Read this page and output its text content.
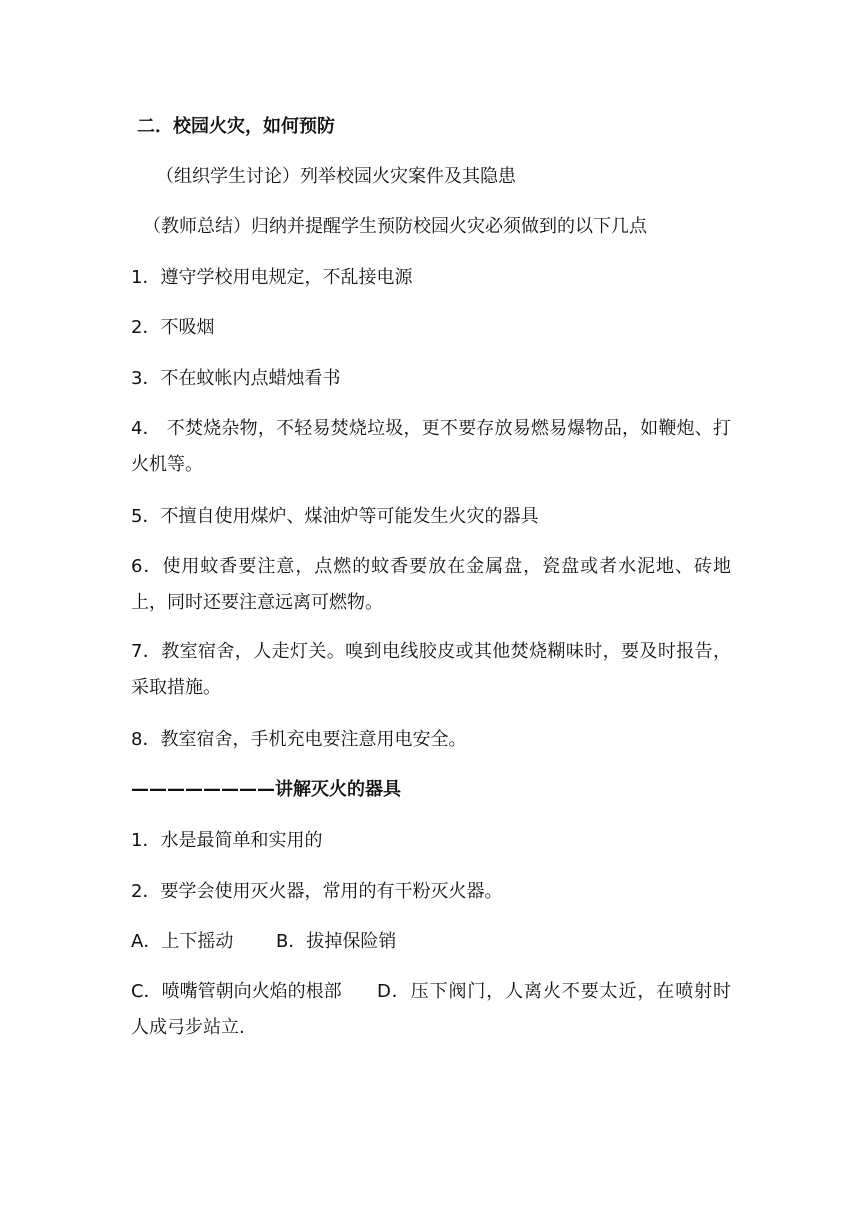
二．校园火灾，如何预防
（组织学生讨论）列举校园火灾案件及其隐患
（教师总结）归纳并提醒学生预防校园火灾必须做到的以下几点
1．遵守学校用电规定，不乱接电源
2．不吸烟
3．不在蚊帐内点蜡烛看书
4． 不焚烧杂物，不轻易焚烧垃圾，更不要存放易燃易爆物品，如鞭炮、打火机等。
5．不擅自使用煤炉、煤油炉等可能发生火灾的器具
6．使用蚊香要注意，点燃的蚊香要放在金属盘，瓷盘或者水泥地、砖地上，同时还要注意远离可燃物。
7．教室宿舍，人走灯关。嗅到电线胶皮或其他焚烧糊味时，要及时报告，采取措施。
8．教室宿舍，手机充电要注意用电安全。
————————讲解灭火的器具
1．水是最简单和实用的
2．要学会使用灭火器，常用的有干粉灭火器。
A．上下摇动 B．拔掉保险销
C．喷嘴管朝向火焰的根部	D．压下阀门，人离火不要太近，在喷射时人成弓步站立.
